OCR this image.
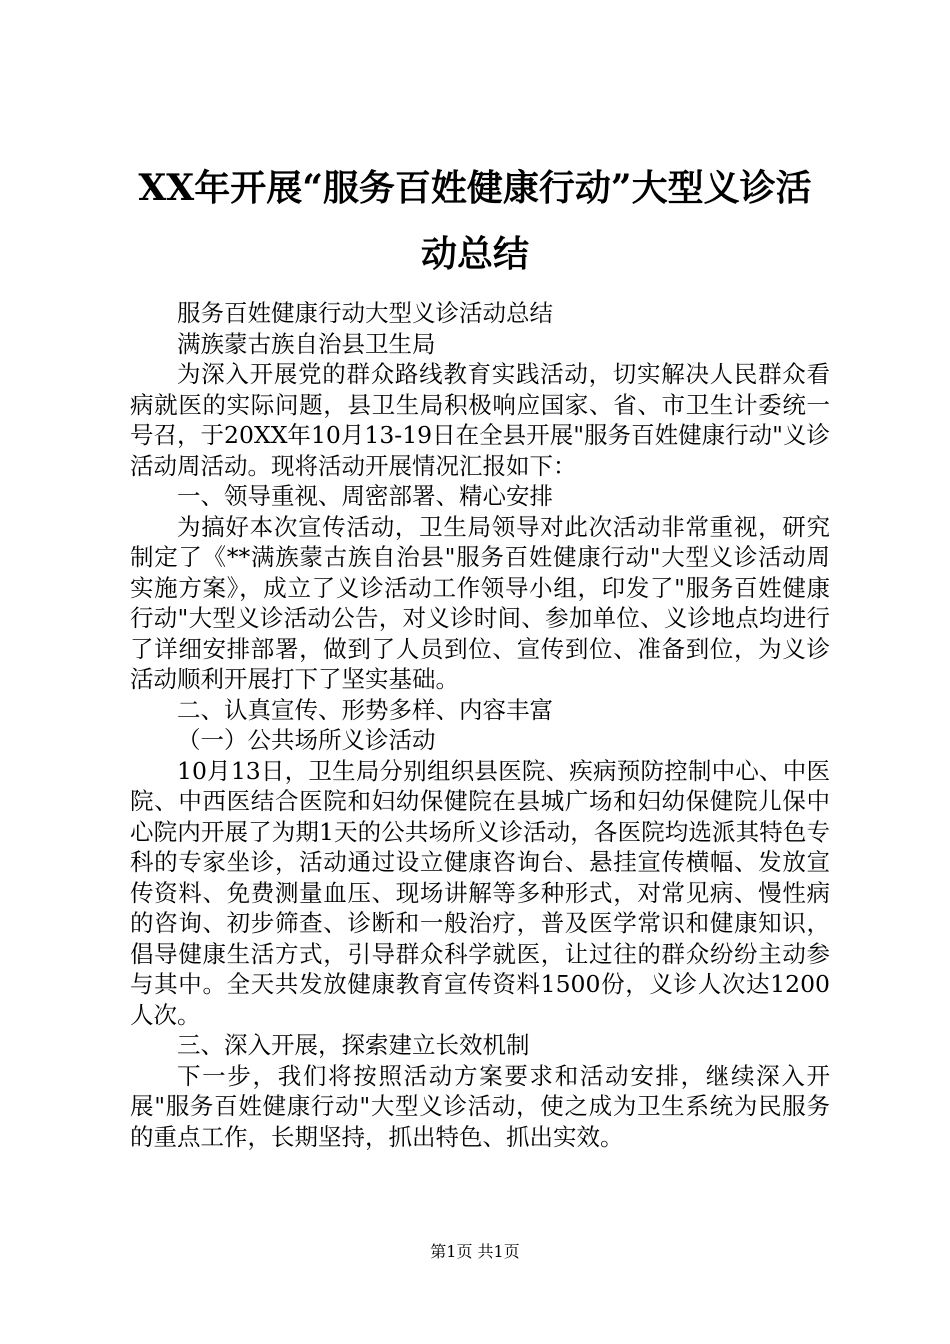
XX年开展“服务百姓健康行动”大型义诊活动总结

服务百姓健康行动大型义诊活动总结

满族蒙古族自治县卫生局

为深入开展党的群众路线教育实践活动，切实解决人民群众看病就医的实际问题，县卫生局积极响应国家、省、市卫生计委统一号召，于20XX年10月13-19日在全县开展"服务百姓健康行动"义诊活动周活动。现将活动开展情况汇报如下：

一、领导重视、周密部署、精心安排

为搞好本次宣传活动，卫生局领导对此次活动非常重视，研究制定了《**满族蒙古族自治县"服务百姓健康行动"大型义诊活动周实施方案》，成立了义诊活动工作领导小组，印发了"服务百姓健康行动"大型义诊活动公告，对义诊时间、参加单位、义诊地点均进行了详细安排部署，做到了人员到位、宣传到位、准备到位，为义诊活动顺利开展打下了坚实基础。

二、认真宣传、形势多样、内容丰富

（一）公共场所义诊活动

10月13日，卫生局分别组织县医院、疾病预防控制中心、中医院、中西医结合医院和妇幼保健院在县城广场和妇幼保健院儿保中心院内开展了为期1天的公共场所义诊活动，各医院均选派其特色专科的专家坐诊，活动通过设立健康咨询台、悬挂宣传横幅、发放宣传资料、免费测量血压、现场讲解等多种形式，对常见病、慢性病的咨询、初步筛查、诊断和一般治疗，普及医学常识和健康知识，倡导健康生活方式，引导群众科学就医，让过往的群众纷纷主动参与其中。全天共发放健康教育宣传资料1500份，义诊人次达1200人次。

三、深入开展，探索建立长效机制

下一步，我们将按照活动方案要求和活动安排，继续深入开展"服务百姓健康行动"大型义诊活动，使之成为卫生系统为民服务的重点工作，长期坚持，抓出特色、抓出实效。

第1页 共1页
